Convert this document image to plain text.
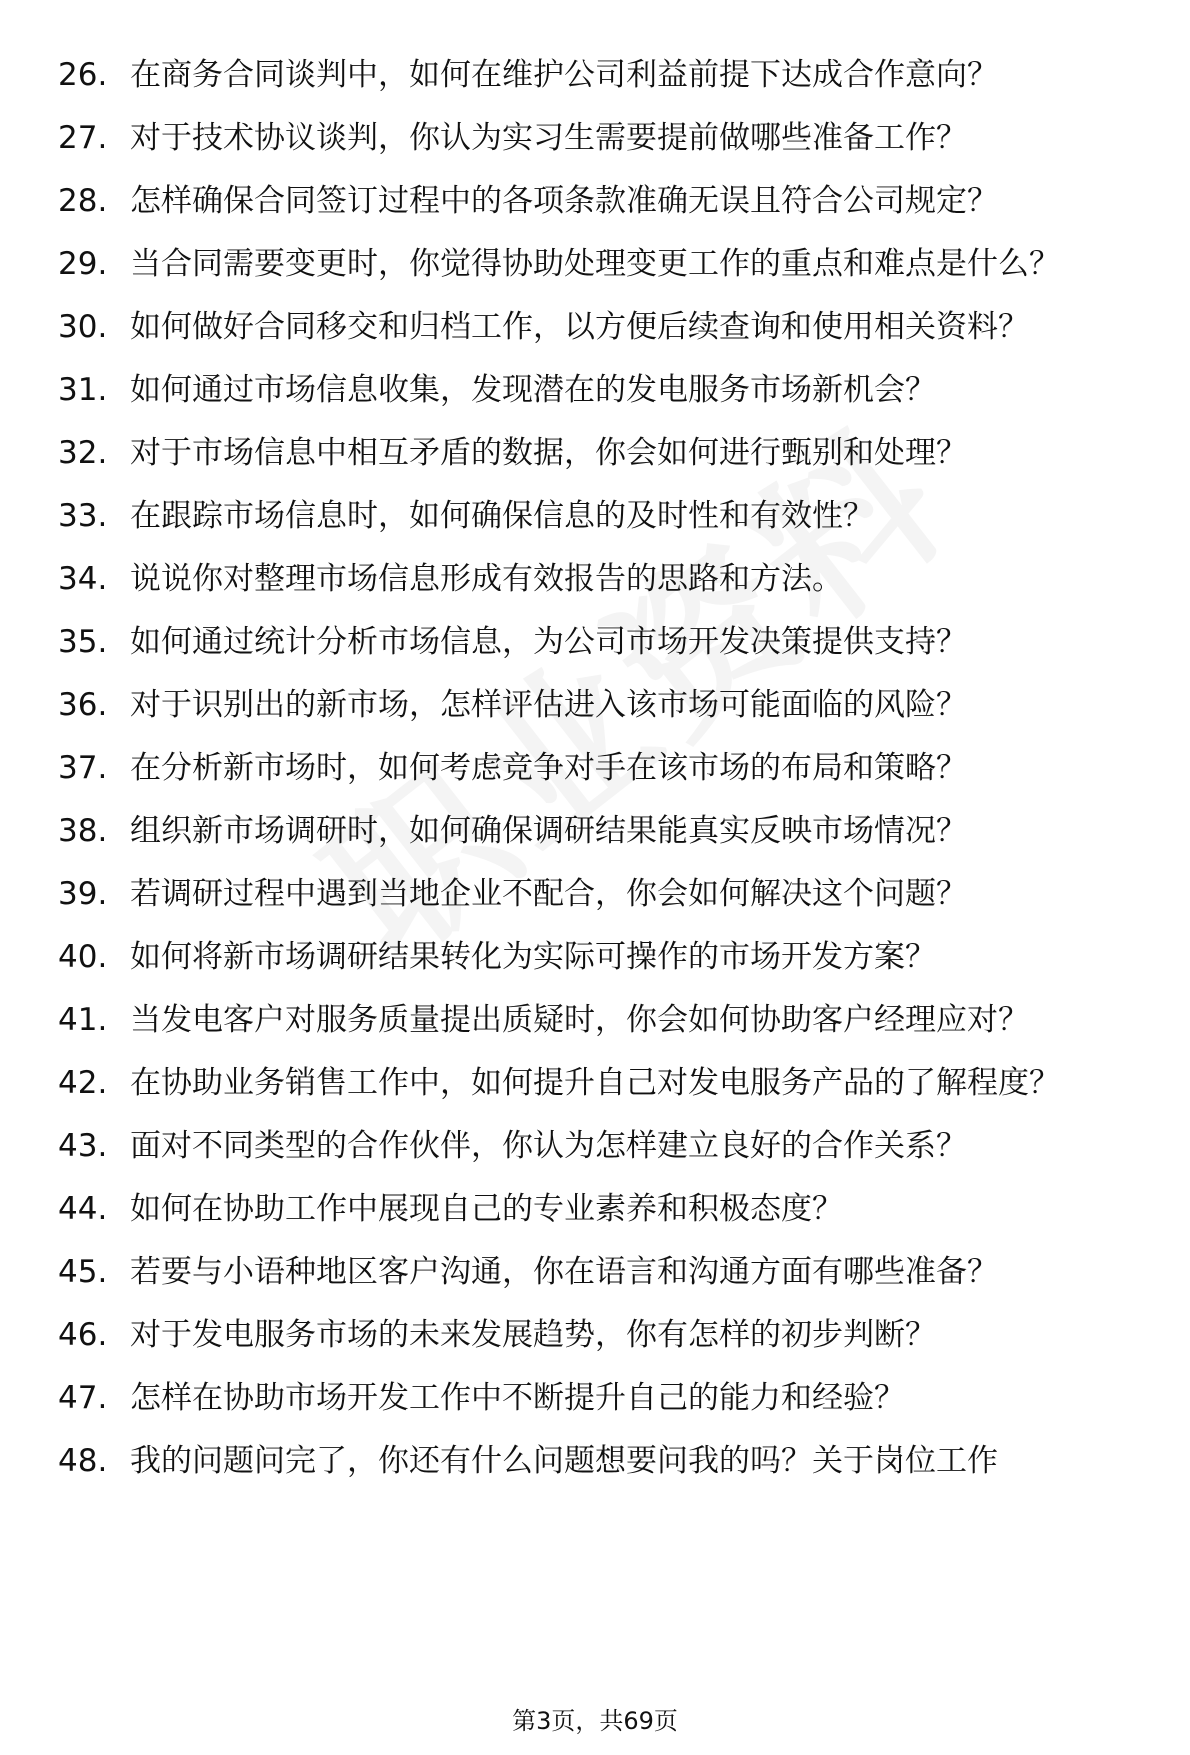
26. 在商务合同谈判中，如何在维护公司利益前提下达成合作意向？
27. 对于技术协议谈判，你认为实习生需要提前做哪些准备工作？
28. 怎样确保合同签订过程中的各项条款准确无误且符合公司规定？
29. 当合同需要变更时，你觉得协助处理变更工作的重点和难点是什么？
30. 如何做好合同移交和归档工作，以方便后续查询和使用相关资料？
31. 如何通过市场信息收集，发现潜在的发电服务市场新机会？
32. 对于市场信息中相互矛盾的数据，你会如何进行甄别和处理？
33. 在跟踪市场信息时，如何确保信息的及时性和有效性？
34. 说说你对整理市场信息形成有效报告的思路和方法。
35. 如何通过统计分析市场信息，为公司市场开发决策提供支持？
36. 对于识别出的新市场，怎样评估进入该市场可能面临的风险？
37. 在分析新市场时，如何考虑竞争对手在该市场的布局和策略？
38. 组织新市场调研时，如何确保调研结果能真实反映市场情况？
39. 若调研过程中遇到当地企业不配合，你会如何解决这个问题？
40. 如何将新市场调研结果转化为实际可操作的市场开发方案？
41. 当发电客户对服务质量提出质疑时，你会如何协助客户经理应对？
42. 在协助业务销售工作中，如何提升自己对发电服务产品的了解程度？
43. 面对不同类型的合作伙伴，你认为怎样建立良好的合作关系？
44. 如何在协助工作中展现自己的专业素养和积极态度？
45. 若要与小语种地区客户沟通，你在语言和沟通方面有哪些准备？
46. 对于发电服务市场的未来发展趋势，你有怎样的初步判断？
47. 怎样在协助市场开发工作中不断提升自己的能力和经验？
48. 我的问题问完了，你还有什么问题想要问我的吗？关于岗位工作
第3页，共69页
